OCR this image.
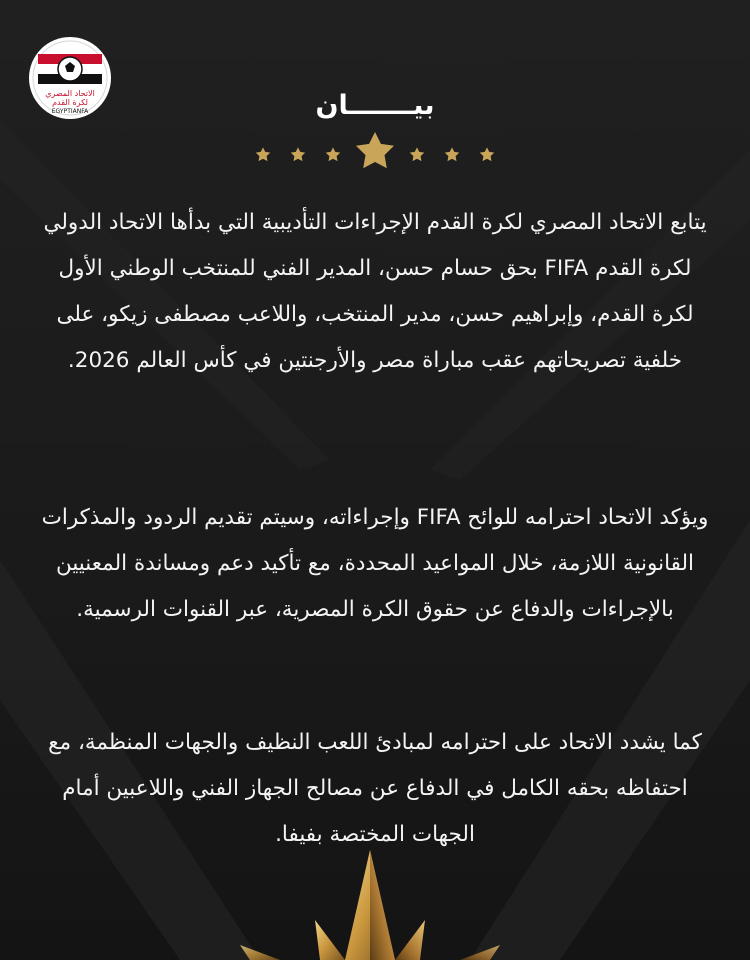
الاتحاد المصري
لكرة القدم
EGYPTIANFA	بيـــــــان
يتابع الاتحاد المصري لكرة القدم الإجراءات التأديبية التي بدأها الاتحاد الدولي لكرة القدم FIFA بحق حسام حسن، المدير الفني للمنتخب الوطني الأول لكرة القدم، وإبراهيم حسن، مدير المنتخب، واللاعب مصطفى زيكو، على خلفية تصريحاتهم عقب مباراة مصر والأرجنتين في كأس العالم 2026.
ويؤكد الاتحاد احترامه للوائح FIFA وإجراءاته، وسيتم تقديم الردود والمذكرات القانونية اللازمة، خلال المواعيد المحددة، مع تأكيد دعم ومساندة المعنيين بالإجراءات والدفاع عن حقوق الكرة المصرية، عبر القنوات الرسمية.
كما يشدد الاتحاد على احترامه لمبادئ اللعب النظيف والجهات المنظمة، مع احتفاظه بحقه الكامل في الدفاع عن مصالح الجهاز الفني واللاعبين أمام الجهات المختصة بفيفا.
